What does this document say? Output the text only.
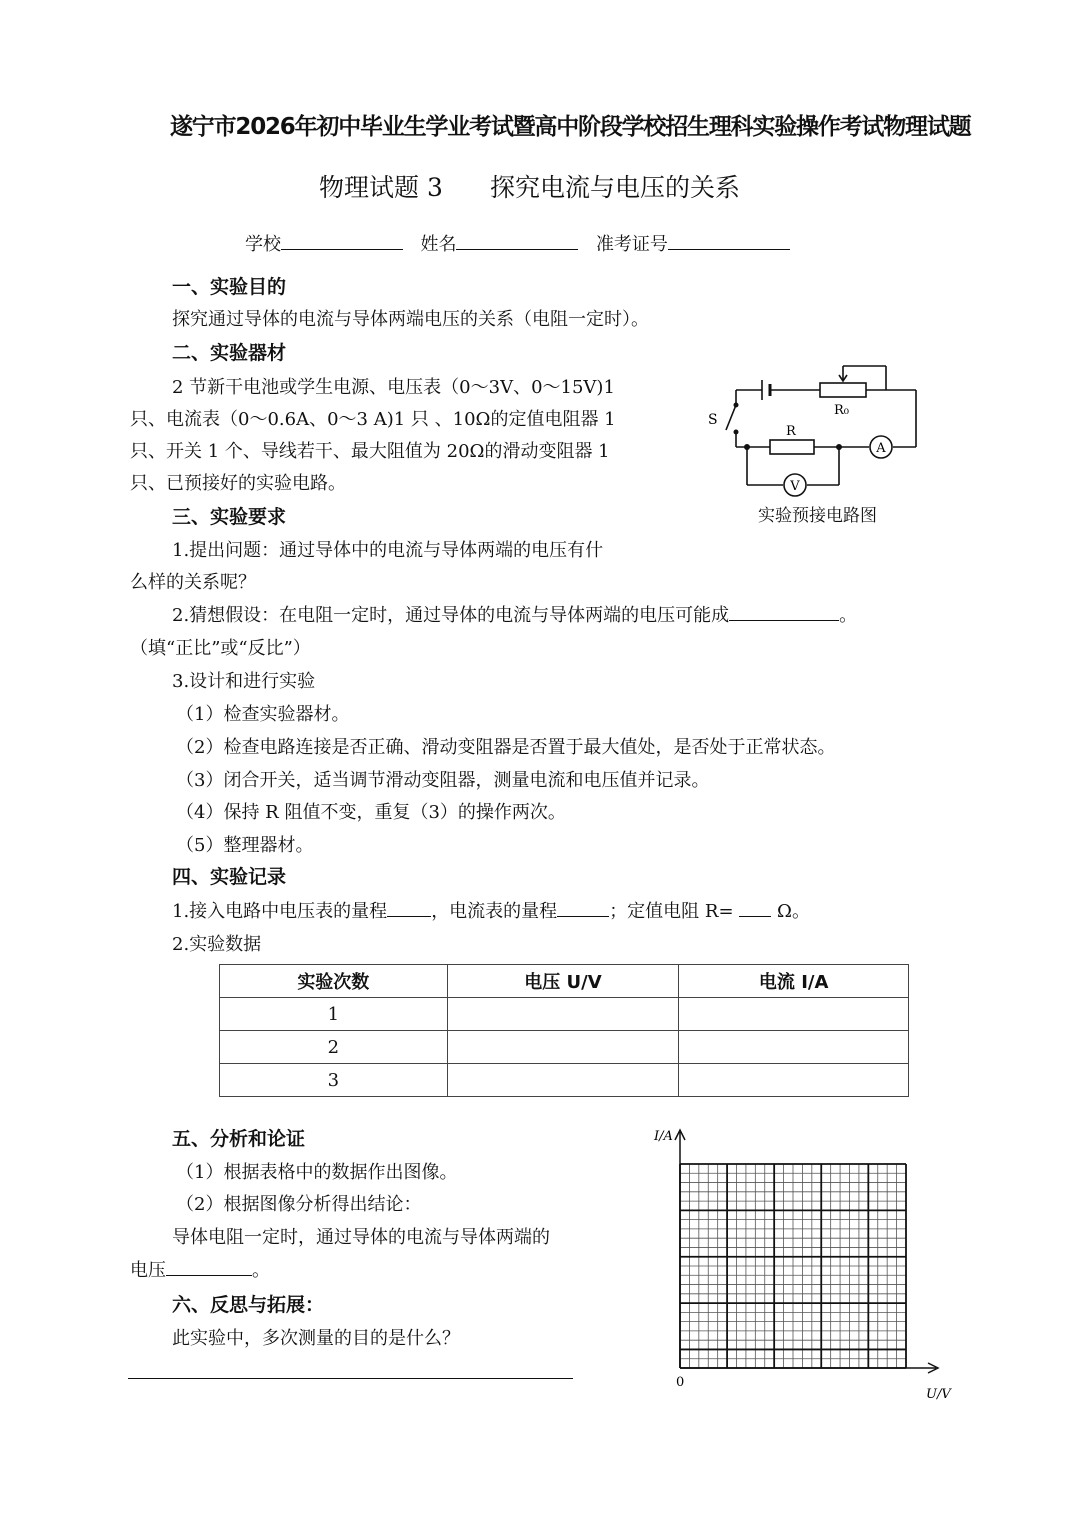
遂宁市2026年初中毕业生学业考试暨高中阶段学校招生理科实验操作考试物理试题
物理试题 3 探究电流与电压的关系
学校	姓名	准考证号
一、实验目的
探究通过导体的电流与导体两端电压的关系（电阻一定时）。
二、实验器材
2 节新干电池或学生电源、电压表（0～3V、0～15V)1
只、电流表（0～0.6A、0～3 A)1 只 、10Ω的定值电阻器 1
只、开关 1 个、导线若干、最大阻值为 20Ω的滑动变阻器 1
只、已预接好的实验电路。
S
R₀
R
A
V
实验预接电路图
三、实验要求
1.提出问题：通过导体中的电流与导体两端的电压有什
么样的关系呢？
2.猜想假设：在电阻一定时，通过导体的电流与导体两端的电压可能成	。
（填“正比”或“反比”）
3.设计和进行实验
（1）检查实验器材。
（2）检查电路连接是否正确、滑动变阻器是否置于最大值处，是否处于正常状态。
（3）闭合开关，适当调节滑动变阻器，测量电流和电压值并记录。
（4）保持 R 阻值不变，重复（3）的操作两次。
（5）整理器材。
四、实验记录
1.接入电路中电压表的量程 ，电流表的量程	；定值电阻 R= Ω。
2.实验数据
实验次数	电压 U/V	电流 I/A
1		
2		
3		
五、分析和论证
（1）根据表格中的数据作出图像。
（2）根据图像分析得出结论：
导体电阻一定时，通过导体的电流与导体两端的
电压	。
六、反思与拓展：
此实验中，多次测量的目的是什么？
I/A
U/V
0
